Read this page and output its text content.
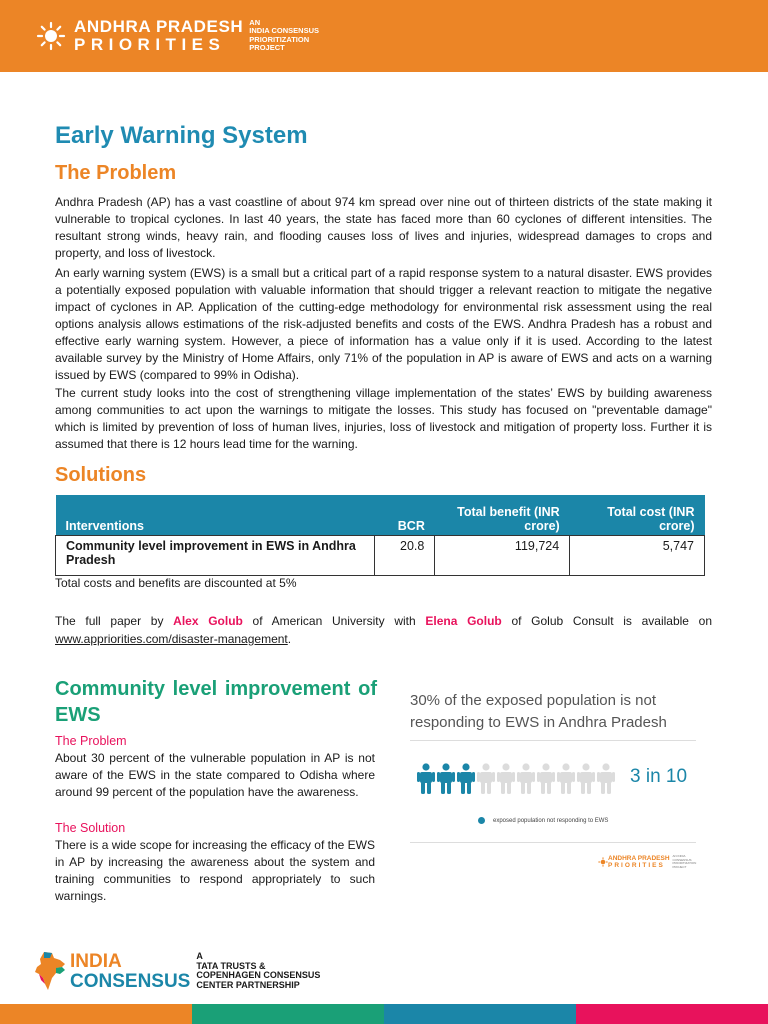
ANDHRA PRADESH
PRIORITIES
AN
INDIA CONSENSUS
PRIORITIZATION
PROJECT
Early Warning System
The Problem

Andhra Pradesh (AP) has a vast coastline of about 974 km spread over nine out of thirteen districts of the state making it vulnerable to tropical cyclones. In last 40 years, the state has faced more than 60 cyclones of different intensities. The resultant strong winds, heavy rain, and flooding causes loss of lives and injuries, widespread damages to crops and property, and loss of livestock.

An early warning system (EWS) is a small but a critical part of a rapid response system to a natural disaster. EWS provides a potentially exposed population with valuable information that should trigger a relevant reaction to mitigate the negative impact of cyclones in AP. Application of the cutting-edge methodology for environmental risk assessment using the real options analysis allows estimations of the risk-adjusted benefits and costs of the EWS. Andhra Pradesh has a robust and effective early warning system. However, a piece of information has a value only if it is used. According to the latest available survey by the Ministry of Home Affairs, only 71% of the population in AP is aware of EWS and acts on a warning issued by EWS (compared to 99% in Odisha).

The current study looks into the cost of strengthening village implementation of the states’ EWS by building awareness among communities to act upon the warnings to mitigate the losses. This study has focused on "preventable damage" which is limited by prevention of loss of human lives, injuries, loss of livestock and mitigation of property loss. Further it is assumed that there is 12 hours lead time for the warning.

Solutions
Interventions	BCR	Total benefit (INR crore)	Total cost (INR crore)
Community level improvement in EWS in Andhra Pradesh	20.8	119,724	5,747
Total costs and benefits are discounted at 5%

The full paper by Alex Golub of American University with Elena Golub of Golub Consult is available on www.appriorities.com/disaster-management.

Community level improvement of EWS
The Problem

About 30 percent of the vulnerable population in AP is not aware of the EWS in the state compared to Odisha where around 99 percent of the population have the awareness.

The Solution

There is a wide scope for increasing the efficacy of the EWS in AP by increasing the awareness about the system and training communities to respond appropriately to such warnings.

30% of the exposed population is not responding to EWS in Andhra Pradesh
3 in 10
exposed population not responding to EWS
ANDHRA PRADESH
PRIORITIES
AN INDIA CONSENSUS PRIORITIZATION PROJECT
INDIA
CONSENSUS
A
TATA TRUSTS &
COPENHAGEN CONSENSUS
CENTER PARTNERSHIP
